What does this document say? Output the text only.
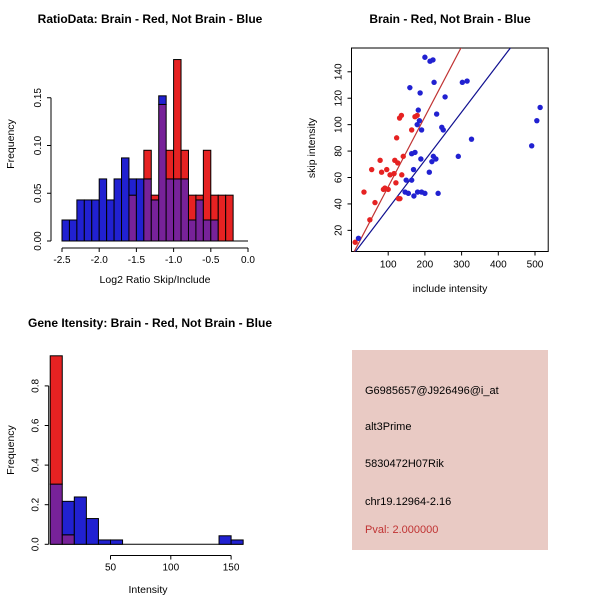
0.00
0.05
0.10
0.15
-2.5 -2.0 -1.5 -1.0 -0.5 0.0
RatioData: Brain - Red, Not Brain - Blue
Log2 Ratio Skip/Include
Frequency
100 200 300 400 500
20
40
60
80
100
120
140
Brain - Red, Not Brain - Blue
include intensity
skip intensity
0.0
0.2
0.4
0.6
0.8
50	100	150
Gene Itensity: Brain - Red, Not Brain - Blue
Intensity
Frequency
G6985657@J926496@i_at
alt3Prime
5830472H07Rik
chr19.12964-2.16
Pval: 2.000000
